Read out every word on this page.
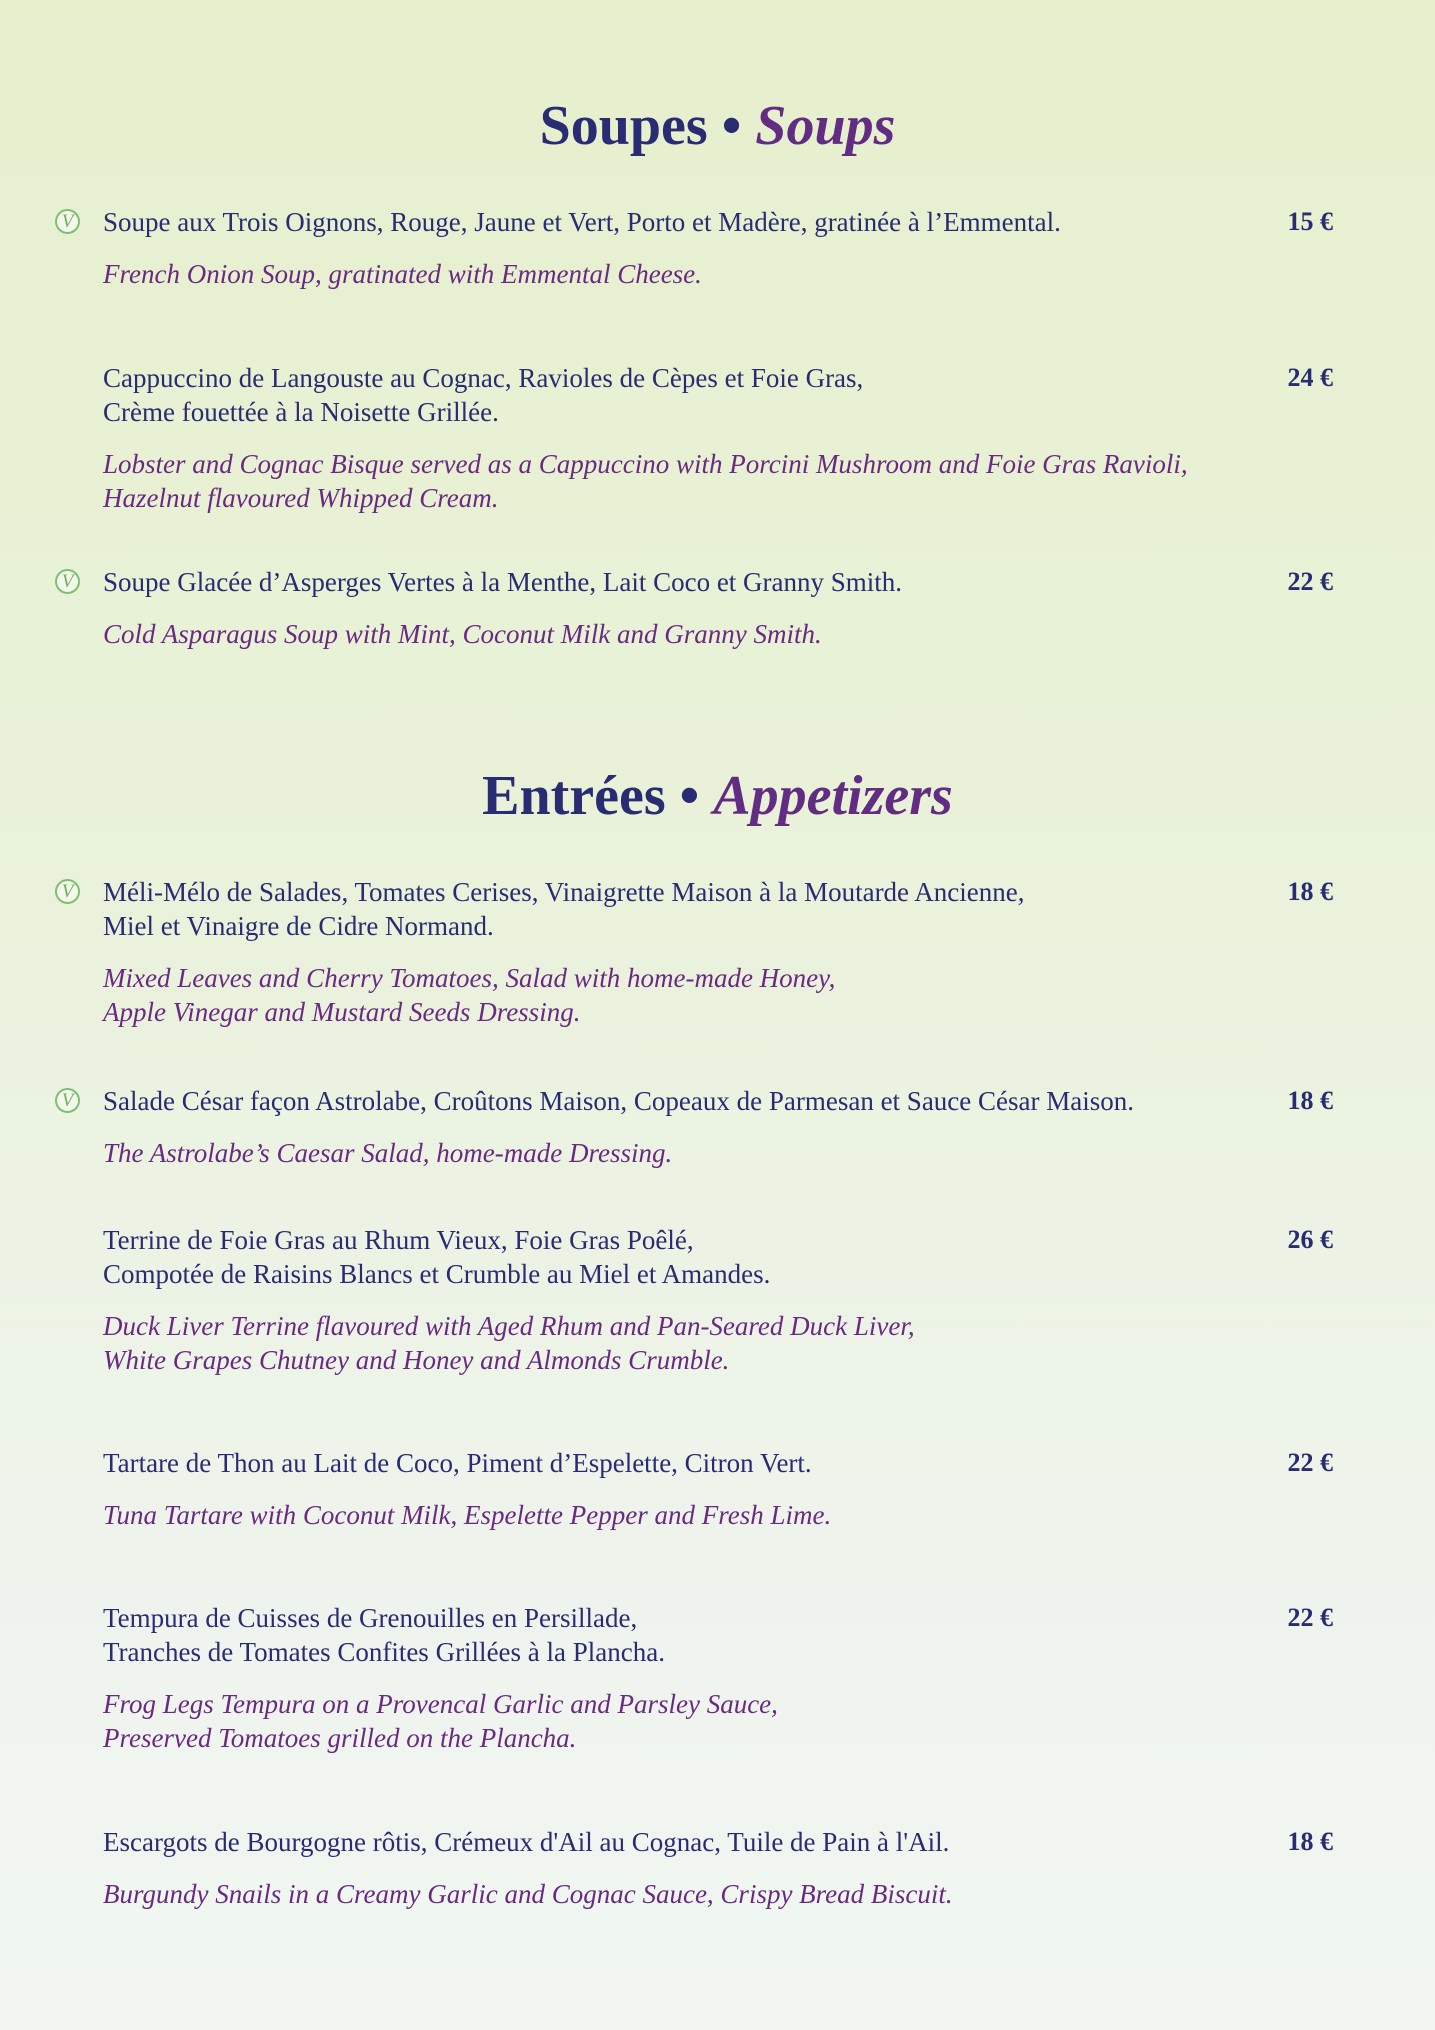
Soupes • Soups
V Soupe aux Trois Oignons, Rouge, Jaune et Vert, Porto et Madère, gratinée à l’Emmental.
French Onion Soup, gratinated with Emmental Cheese.
15 €
Cappuccino de Langouste au Cognac, Ravioles de Cèpes et Foie Gras,
Crème fouettée à la Noisette Grillée.
Lobster and Cognac Bisque served as a Cappuccino with Porcini Mushroom and Foie Gras Ravioli,
Hazelnut flavoured Whipped Cream.
24 €
V Soupe Glacée d’Asperges Vertes à la Menthe, Lait Coco et Granny Smith.
Cold Asparagus Soup with Mint, Coconut Milk and Granny Smith.
22 €
Entrées • Appetizers
V Méli-Mélo de Salades, Tomates Cerises, Vinaigrette Maison à la Moutarde Ancienne,
Miel et Vinaigre de Cidre Normand.
Mixed Leaves and Cherry Tomatoes, Salad with home-made Honey,
Apple Vinegar and Mustard Seeds Dressing.
18 €
V Salade César façon Astrolabe, Croûtons Maison, Copeaux de Parmesan et Sauce César Maison.
The Astrolabe’s Caesar Salad, home-made Dressing.
18 €
Terrine de Foie Gras au Rhum Vieux, Foie Gras Poêlé,
Compotée de Raisins Blancs et Crumble au Miel et Amandes.
Duck Liver Terrine flavoured with Aged Rhum and Pan-Seared Duck Liver,
White Grapes Chutney and Honey and Almonds Crumble.
26 €
Tartare de Thon au Lait de Coco, Piment d’Espelette, Citron Vert.
Tuna Tartare with Coconut Milk, Espelette Pepper and Fresh Lime.
22 €
Tempura de Cuisses de Grenouilles en Persillade,
Tranches de Tomates Confites Grillées à la Plancha.
Frog Legs Tempura on a Provencal Garlic and Parsley Sauce,
Preserved Tomatoes grilled on the Plancha.
22 €
Escargots de Bourgogne rôtis, Crémeux d'Ail au Cognac, Tuile de Pain à l'Ail.
Burgundy Snails in a Creamy Garlic and Cognac Sauce, Crispy Bread Biscuit.
18 €
